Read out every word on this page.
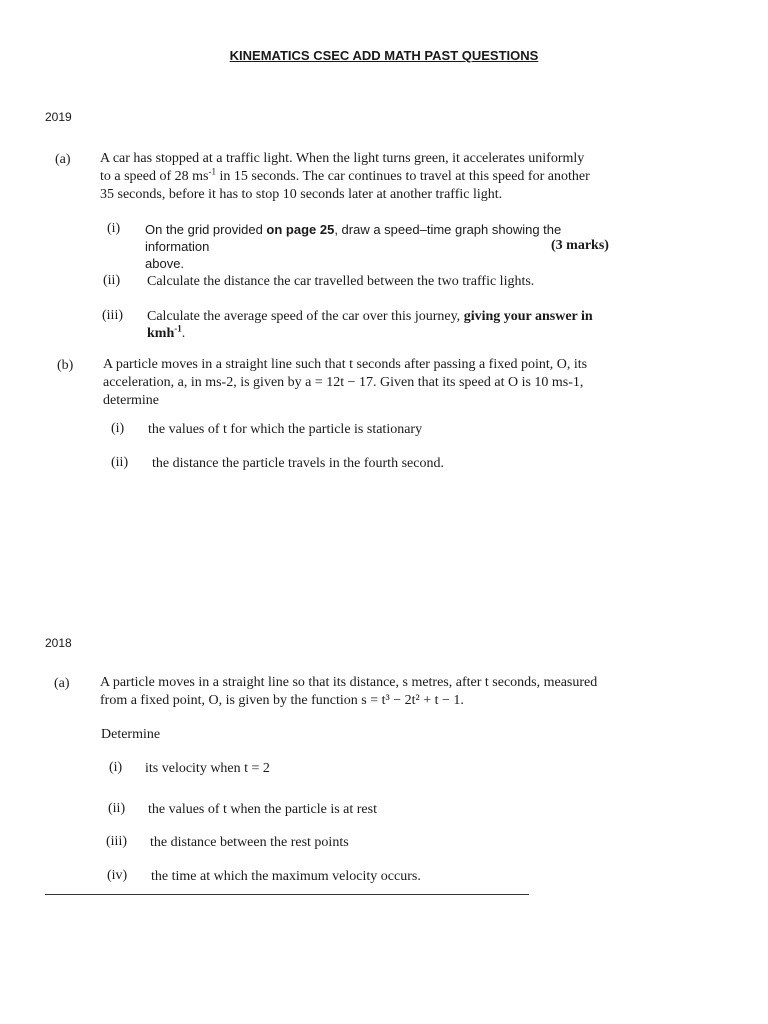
KINEMATICS CSEC ADD MATH PAST QUESTIONS
2019
(a) A car has stopped at a traffic light. When the light turns green, it accelerates uniformly
to a speed of 28 $ms^{-1}$ in 15 seconds. The car continues to travel at this speed for another
35 seconds, before it has to stop 10 seconds later at another traffic light.
(i) On the grid provided on page 25, draw a speed–time graph showing the information
above.
(3 marks)
(ii) Calculate the distance the car travelled between the two traffic lights.
(iii) Calculate the average speed of the car over this journey, giving your answer in
kmh$^{-1}$.
(b) A particle moves in a straight line such that t seconds after passing a fixed point, O, its
acceleration, a, in ms-2, is given by a = 12t − 17. Given that its speed at O is 10 ms-1,
determine
(i) the values of t for which the particle is stationary
(ii) the distance the particle travels in the fourth second.
2018
(a) A particle moves in a straight line so that its distance, s metres, after t seconds, measured
from a fixed point, O, is given by the function s = t³ − 2t² + t − 1.
Determine
(i) its velocity when t = 2
(ii) the values of t when the particle is at rest
(iii) the distance between the rest points
(iv) the time at which the maximum velocity occurs.
